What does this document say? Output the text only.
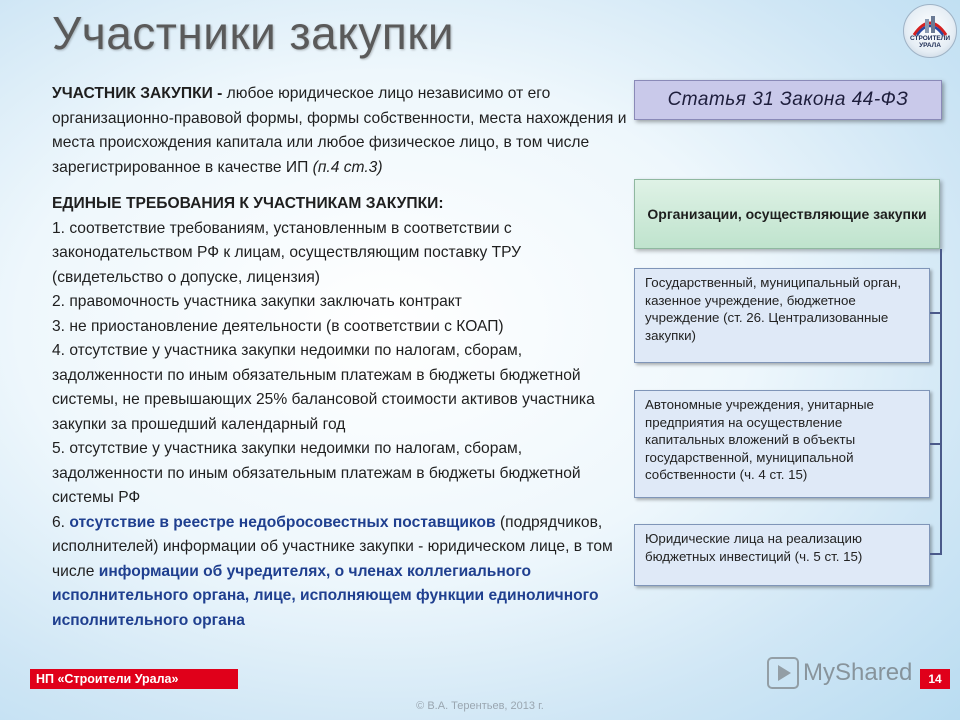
Участники закупки	СТРОИТЕЛИ
УРАЛА

УЧАСТНИК ЗАКУПКИ - любое юридическое лицо независимо от его организационно-правовой формы, формы собственности, места нахождения и места происхождения капитала или любое физическое лицо, в том числе зарегистрированное в качестве ИП (п.4 ст.3)

ЕДИНЫЕ ТРЕБОВАНИЯ К УЧАСТНИКАМ ЗАКУПКИ:

1. соответствие требованиям, установленным в соответствии с законодательством РФ к лицам, осуществляющим поставку ТРУ (свидетельство о допуске, лицензия)

2. правомочность участника закупки заключать контракт

3. не приостановление деятельности (в соответствии с КОАП)

4. отсутствие у участника закупки недоимки по налогам, сборам, задолженности по иным обязательным платежам в бюджеты бюджетной системы, не превышающих 25% балансовой стоимости активов участника закупки за прошедший календарный год

5. отсутствие у участника закупки недоимки по налогам, сборам, задолженности по иным обязательным платежам в бюджеты бюджетной системы РФ

6. отсутствие в реестре недобросовестных поставщиков (подрядчиков, исполнителей) информации об участнике закупки - юридическом лице, в том числе информации об учредителях, о членах коллегиального исполнительного органа, лице, исполняющем функции единоличного исполнительного органа

Статья 31 Закона 44-ФЗ
Организации, осуществляющие закупки
Государственный, муниципальный орган, казенное учреждение, бюджетное учреждение (ст. 26. Централизованные закупки)
Автономные учреждения, унитарные предприятия на осуществление капитальных вложений в объекты государственной, муниципальной собственности (ч. 4 ст. 15)
Юридические лица на реализацию бюджетных инвестиций (ч. 5 ст. 15)
MyShared
НП «Строители Урала»	14
© В.А. Терентьев, 2013 г.
